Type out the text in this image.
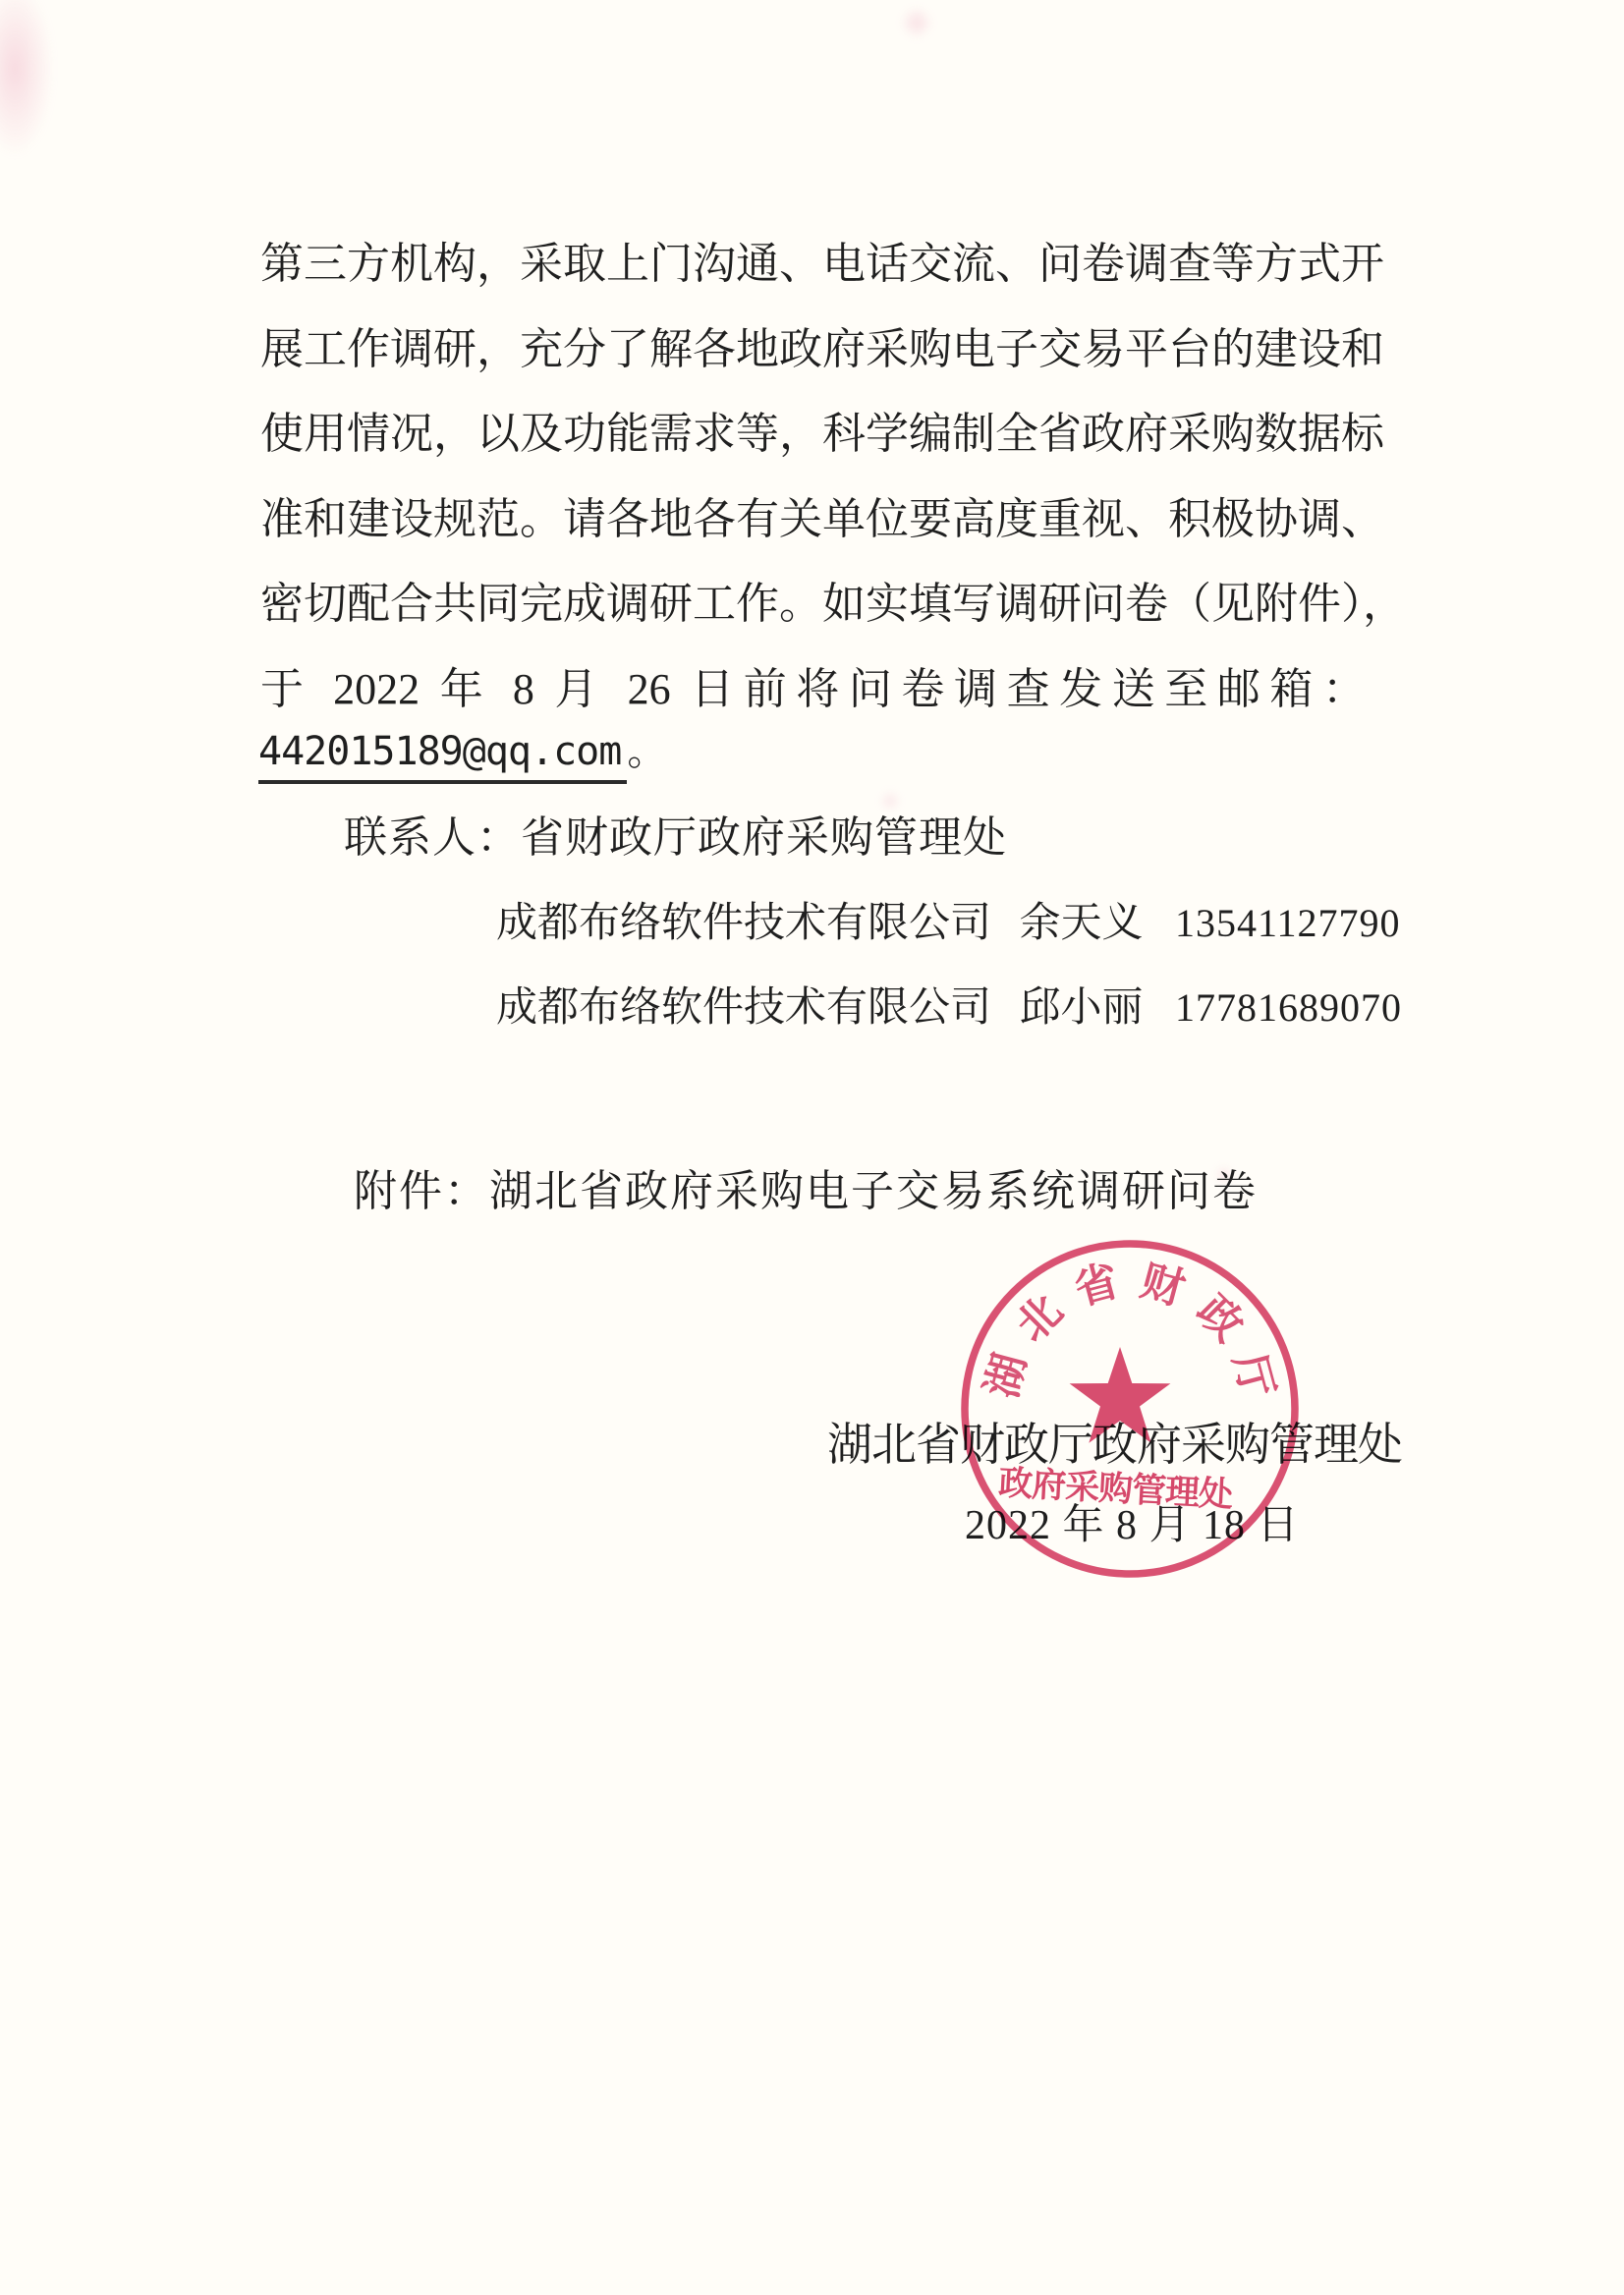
第三方机构，采取上门沟通、电话交流、问卷调查等方式开
展工作调研，充分了解各地政府采购电子交易平台的建设和
使用情况，以及功能需求等，科学编制全省政府采购数据标
准和建设规范。请各地各有关单位要高度重视、积极协调、
密切配合共同完成调研工作。如实填写调研问卷（见附件），
于 2022 年 8 月 26 日前将问卷调查发送至邮箱：
442015189@qq.com 。
联系人：省财政厅政府采购管理处
成都布络软件技术有限公司 余天义 13541127790
成都布络软件技术有限公司 邱小丽 17781689070
附件：湖北省政府采购电子交易系统调研问卷
湖北省财政厅政府采购管理处
2022 年 8 月 18 日
湖
北
省 财
政
厅
政府采购管理处
